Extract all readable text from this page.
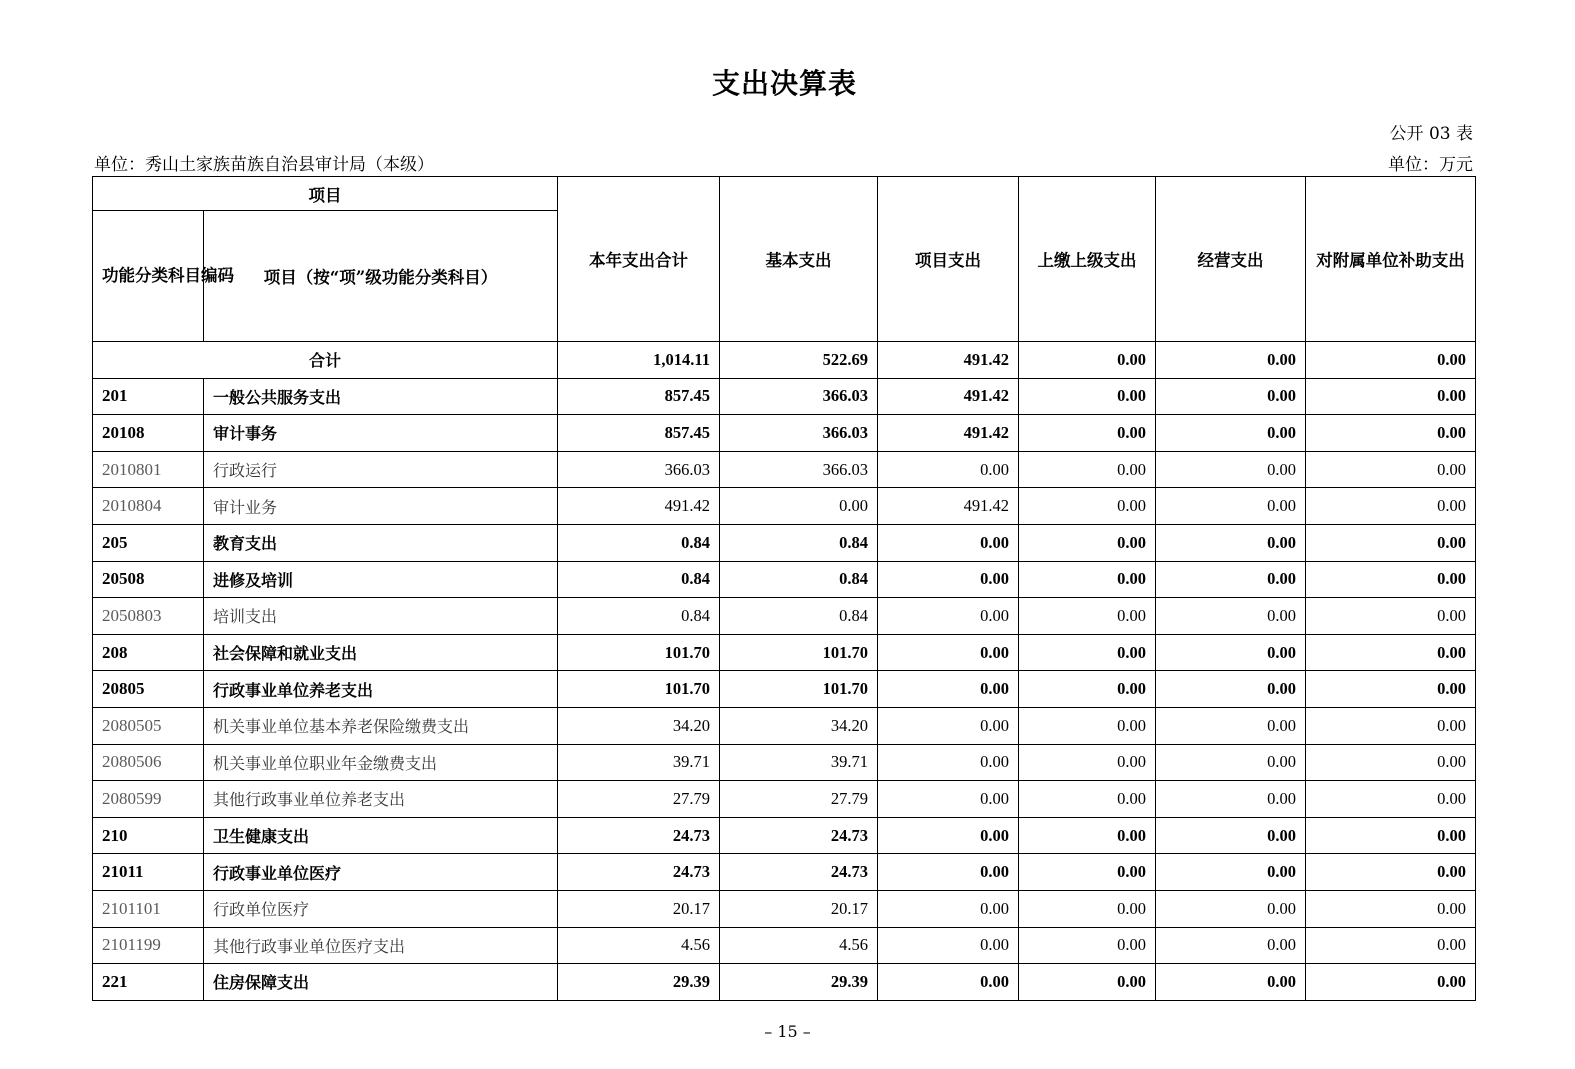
支出决算表
公开 03 表
单位：秀山土家族苗族自治县审计局（本级）	单位：万元
项目		本年支出合计	基本支出	项目支出	上缴上级支出	经营支出	对附属单位补助支出
功能分类科目编码	项目（按“项”级功能分类科目）						
合计		1,014.11	522.69	491.42	0.00	0.00	0.00
201	一般公共服务支出	857.45	366.03	491.42	0.00	0.00	0.00
20108	审计事务	857.45	366.03	491.42	0.00	0.00	0.00
2010801	行政运行	366.03	366.03	0.00	0.00	0.00	0.00
2010804	审计业务	491.42	0.00	491.42	0.00	0.00	0.00
205	教育支出	0.84	0.84	0.00	0.00	0.00	0.00
20508	进修及培训	0.84	0.84	0.00	0.00	0.00	0.00
2050803	培训支出	0.84	0.84	0.00	0.00	0.00	0.00
208	社会保障和就业支出	101.70	101.70	0.00	0.00	0.00	0.00
20805	行政事业单位养老支出	101.70	101.70	0.00	0.00	0.00	0.00
2080505	机关事业单位基本养老保险缴费支出	34.20	34.20	0.00	0.00	0.00	0.00
2080506	机关事业单位职业年金缴费支出	39.71	39.71	0.00	0.00	0.00	0.00
2080599	其他行政事业单位养老支出	27.79	27.79	0.00	0.00	0.00	0.00
210	卫生健康支出	24.73	24.73	0.00	0.00	0.00	0.00
21011	行政事业单位医疗	24.73	24.73	0.00	0.00	0.00	0.00
2101101	行政单位医疗	20.17	20.17	0.00	0.00	0.00	0.00
2101199	其他行政事业单位医疗支出	4.56	4.56	0.00	0.00	0.00	0.00
221	住房保障支出	29.39	29.39	0.00	0.00	0.00	0.00
– 15 –
